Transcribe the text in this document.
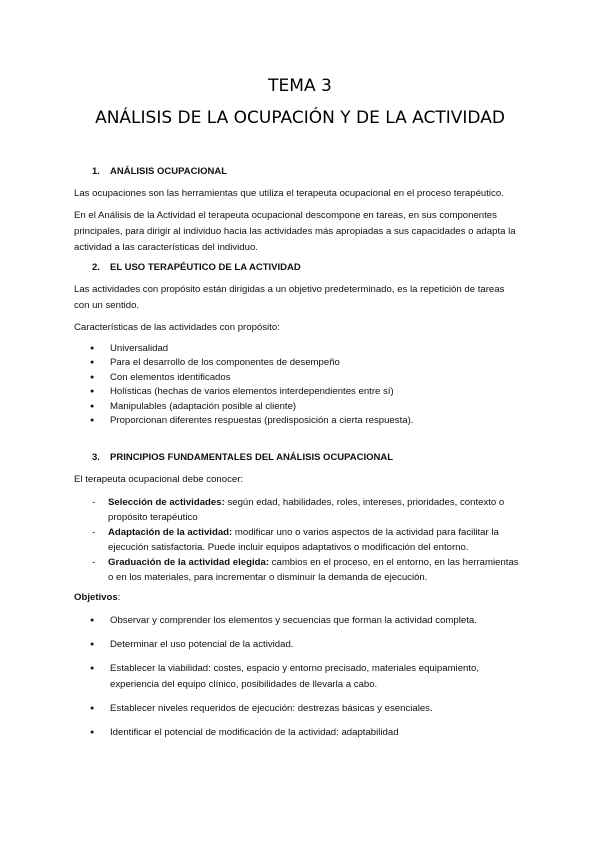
TEMA 3
ANÁLISIS DE LA OCUPACIÓN Y DE LA ACTIVIDAD
1. ANÁLISIS OCUPACIONAL
Las ocupaciones son las herramientas que utiliza el terapeuta ocupacional en el proceso terapéutico.
En el Análisis de la Actividad el terapeuta ocupacional descompone en tareas, en sus componentes principales, para dirigir al individuo hacia las actividades más apropiadas a sus capacidades o adapta la actividad a las características del individuo.
2. EL USO TERAPÉUTICO DE LA ACTIVIDAD
Las actividades con propósito están dirigidas a un objetivo predeterminado, es la repetición de tareas con un sentido.
Características de las actividades con propósito:
● Universalidad
● Para el desarrollo de los componentes de desempeño
● Con elementos identificados
● Holísticas (hechas de varios elementos interdependientes entre sí)
● Manipulables (adaptación posible al cliente)
● Proporcionan diferentes respuestas (predisposición a cierta respuesta).
3. PRINCIPIOS FUNDAMENTALES DEL ANÁLISIS OCUPACIONAL
El terapeuta ocupacional debe conocer:
- Selección de actividades: según edad, habilidades, roles, intereses, prioridades, contexto o propósito terapéutico
- Adaptación de la actividad: modificar uno o varios aspectos de la actividad para facilitar la ejecución satisfactoria. Puede incluir equipos adaptativos o modificación del entorno.
- Graduación de la actividad elegida: cambios en el proceso, en el entorno, en las herramientas o en los materiales, para incrementar o disminuir la demanda de ejecución.
Objetivos:
● Observar y comprender los elementos y secuencias que forman la actividad completa.
● Determinar el uso potencial de la actividad.
● Establecer la viabilidad: costes, espacio y entorno precisado, materiales equipamiento, experiencia del equipo clínico, posibilidades de llevarla a cabo.
● Establecer niveles requeridos de ejecución: destrezas básicas y esenciales.
● Identificar el potencial de modificación de la actividad: adaptabilidad
